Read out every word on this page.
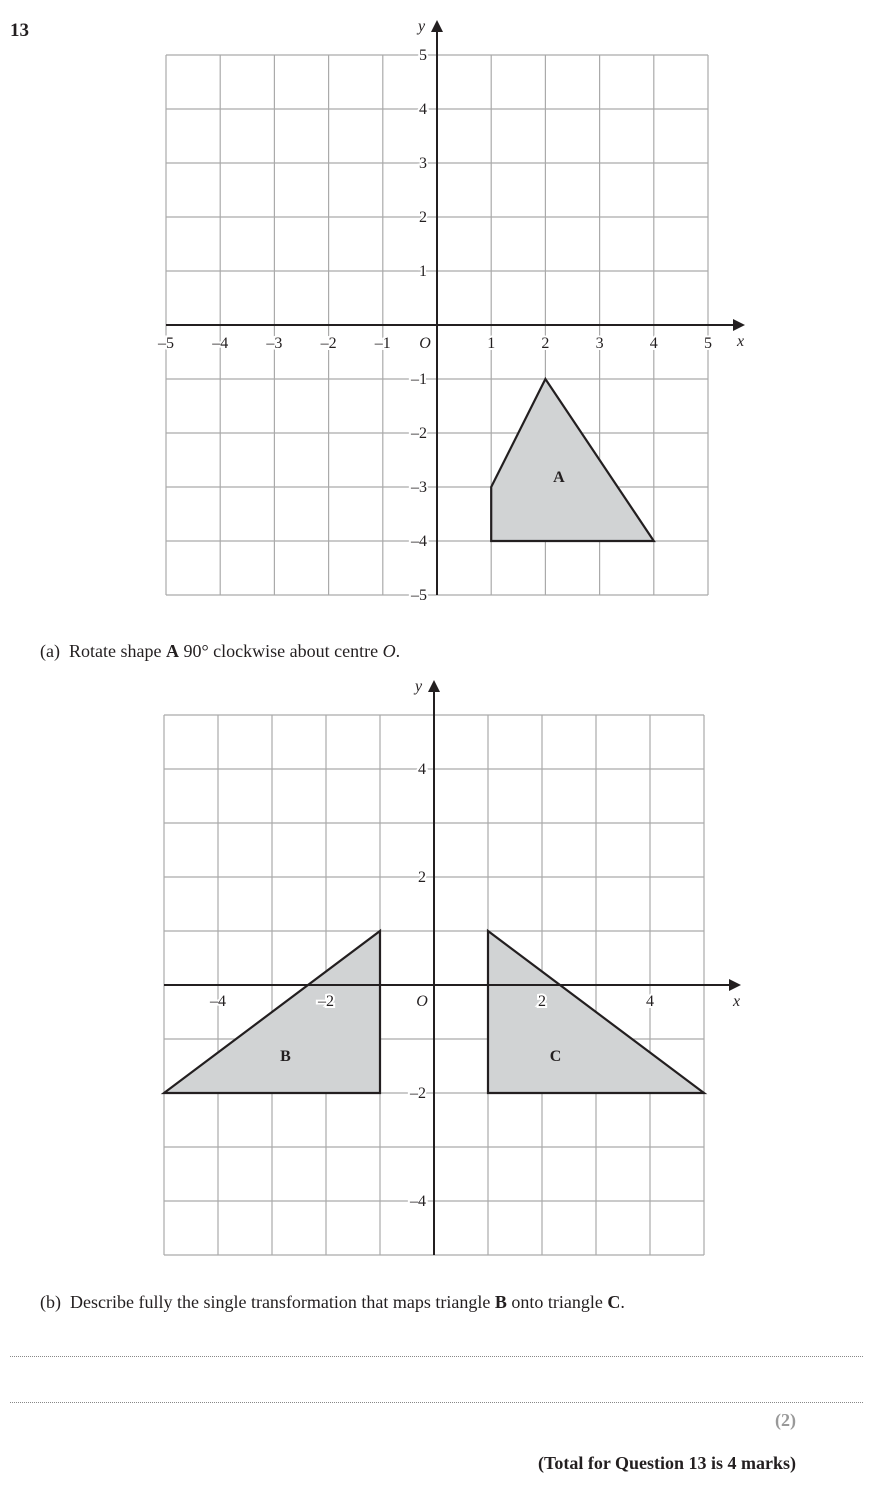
13
A
x
y
O
–5 –4 –3 –2 –1	1	2	3	4	5
5
4
3
2
1
–1
–2
–3
–4
–5
(a) Rotate shape A 90° clockwise about centre O.
B	C
x
y
O
–4	–2	2	4
4
2
–2
–4
(b) Describe fully the single transformation that maps triangle B onto triangle C.
(2)
(Total for Question 13 is 4 marks)
